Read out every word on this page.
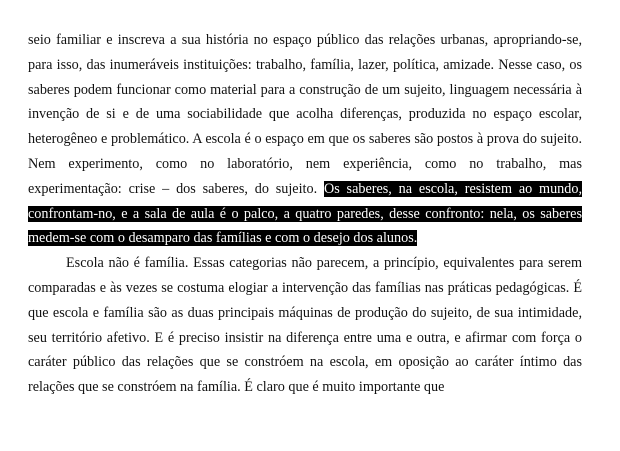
seio familiar e inscreva a sua história no espaço público das relações urbanas, apropriando-se, para isso, das inumeráveis instituições: trabalho, família, lazer, política, amizade. Nesse caso, os saberes podem funcionar como material para a construção de um sujeito, linguagem necessária à invenção de si e de uma sociabilidade que acolha diferenças, produzida no espaço escolar, heterogêneo e problemático. A escola é o espaço em que os saberes são postos à prova do sujeito. Nem experimento, como no laboratório, nem experiência, como no trabalho, mas experimentação: crise – dos saberes, do sujeito. Os saberes, na escola, resistem ao mundo, confrontam-no, e a sala de aula é o palco, a quatro paredes, desse confronto: nela, os saberes medem-se com o desamparo das famílias e com o desejo dos alunos.

Escola não é família. Essas categorias não parecem, a princípio, equivalentes para serem comparadas e às vezes se costuma elogiar a intervenção das famílias nas práticas pedagógicas. É que escola e família são as duas principais máquinas de produção do sujeito, de sua intimidade, seu território afetivo. E é preciso insistir na diferença entre uma e outra, e afirmar com força o caráter público das relações que se constróem na escola, em oposição ao caráter íntimo das relações que se constróem na família. É claro que é muito importante que
